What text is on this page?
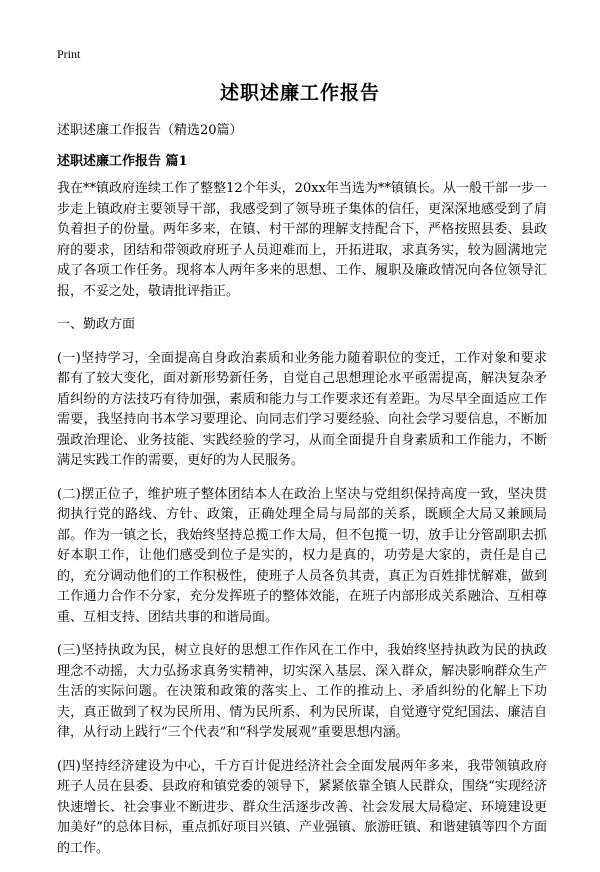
Print
述职述廉工作报告
述职述廉工作报告（精选20篇）
述职述廉工作报告 篇1

我在**镇政府连续工作了整整12个年头，20xx年当选为**镇镇长。从一般干部一步一步走上镇政府主要领导干部，我感受到了领导班子集体的信任，更深深地感受到了肩负着担子的份量。两年多来，在镇、村干部的理解支持配合下，严格按照县委、县政府的要求，团结和带领政府班子人员迎难而上，开拓进取，求真务实，较为圆满地完成了各项工作任务。现将本人两年多来的思想、工作、履职及廉政情况向各位领导汇报，不妥之处，敬请批评指正。

一、勤政方面

(一)坚持学习，全面提高自身政治素质和业务能力随着职位的变迁，工作对象和要求都有了较大变化，面对新形势新任务，自觉自己思想理论水平亟需提高，解决复杂矛盾纠纷的方法技巧有待加强，素质和能力与工作要求还有差距。为尽早全面适应工作需要，我坚持向书本学习要理论、向同志们学习要经验、向社会学习要信息，不断加强政治理论、业务技能、实践经验的学习，从而全面提升自身素质和工作能力，不断满足实践工作的需要，更好的为人民服务。

(二)摆正位子，维护班子整体团结本人在政治上坚决与党组织保持高度一致，坚决贯彻执行党的路线、方针、政策，正确处理全局与局部的关系，既顾全大局又兼顾局部。作为一镇之长，我始终坚持总揽工作大局，但不包揽一切，放手让分管副职去抓好本职工作，让他们感受到位子是实的，权力是真的，功劳是大家的，责任是自己的，充分调动他们的工作积极性，使班子人员各负其责，真正为百姓排忧解难，做到工作通力合作不分家，充分发挥班子的整体效能，在班子内部形成关系融洽、互相尊重、互相支持、团结共事的和谐局面。

(三)坚持执政为民，树立良好的思想工作作风在工作中，我始终坚持执政为民的执政理念不动摇，大力弘扬求真务实精神，切实深入基层、深入群众，解决影响群众生产生活的实际问题。在决策和政策的落实上、工作的推动上、矛盾纠纷的化解上下功夫，真正做到了权为民所用、情为民所系、利为民所谋，自觉遵守党纪国法、廉洁自律，从行动上践行“三个代表”和“科学发展观”重要思想内涵。

(四)坚持经济建设为中心，千方百计促进经济社会全面发展两年多来，我带领镇政府班子人员在县委、县政府和镇党委的领导下，紧紧依靠全镇人民群众，围绕“实现经济快速增长、社会事业不断进步、群众生活逐步改善、社会发展大局稳定、环境建设更加美好”的总体目标，重点抓好项目兴镇、产业强镇、旅游旺镇、和谐建镇等四个方面的工作。
